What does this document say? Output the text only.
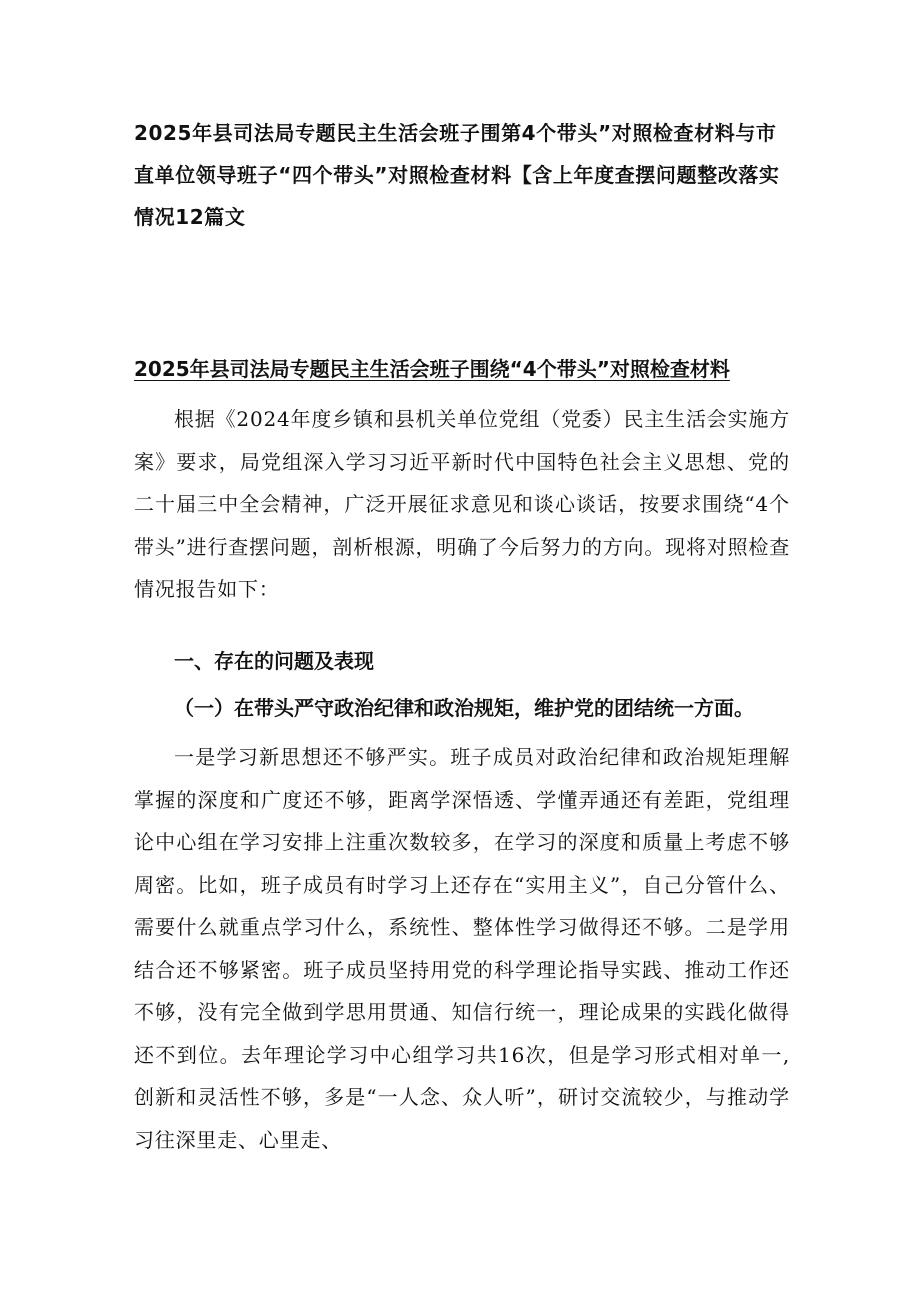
2025年县司法局专题民主生活会班子围第4个带头”对照检查材料与市直单位领导班子“四个带头”对照检查材料【含上年度查摆问题整改落实情况12篇文
2025年县司法局专题民主生活会班子围绕“4个带头”对照检查材料

根据《2024年度乡镇和县机关单位党组（党委）民主生活会实施方案》要求，局党组深入学习习近平新时代中国特色社会主义思想、党的二十届三中全会精神，广泛开展征求意见和谈心谈话，按要求围绕“4个带头”进行查摆问题，剖析根源，明确了今后努力的方向。现将对照检查情况报告如下：

一、存在的问题及表现
（一）在带头严守政治纪律和政治规矩，维护党的团结统一方面。

一是学习新思想还不够严实。班子成员对政治纪律和政治规矩理解掌握的深度和广度还不够，距离学深悟透、学懂弄通还有差距，党组理论中心组在学习安排上注重次数较多，在学习的深度和质量上考虑不够周密。比如，班子成员有时学习上还存在“实用主义”，自己分管什么、需要什么就重点学习什么，系统性、整体性学习做得还不够。二是学用结合还不够紧密。班子成员坚持用党的科学理论指导实践、推动工作还不够，没有完全做到学思用贯通、知信行统一，理论成果的实践化做得还不到位。去年理论学习中心组学习共16次，但是学习形式相对单一,创新和灵活性不够，多是“一人念、众人听”，研讨交流较少，与推动学习往深里走、心里走、
